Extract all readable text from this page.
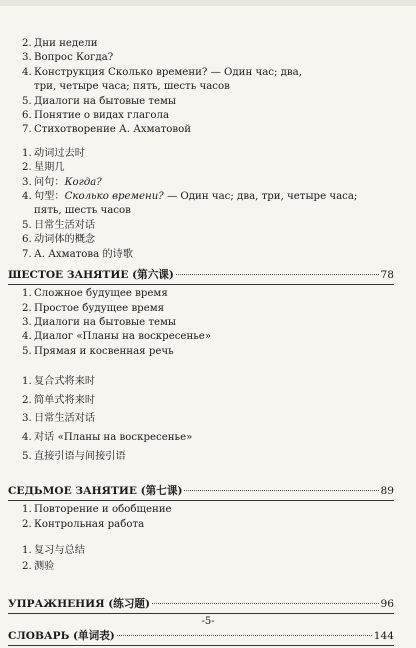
2. Дни недели
3. Вопрос Когда?
4. Конструкция Сколько времени? — Один час; два, три, четыре часа; пять, шесть часов
5. Диалоги на бытовые темы
6. Понятие о видах глагола
7. Стихотворение А. Ахматовой
1. 动词过去时
2. 星期几
3. 问句：Когда?
4. 句型：Сколько времени? — Один час; два, три, четыре часа; пять, шесть часов
5. 日常生活对话
6. 动词体的概念
7. А. Ахматова 的诗歌
ШЕСТОЕ ЗАНЯТИЕ (第六课)	78
1. Сложное будущее время
2. Простое будущее время
3. Диалоги на бытовые темы
4. Диалог «Планы на воскресенье»
5. Прямая и косвенная речь
1. 复合式将来时
2. 简单式将来时
3. 日常生活对话
4. 对话 «Планы на воскресенье»
5. 直接引语与间接引语
СЕДЬМОЕ ЗАНЯТИЕ (第七课)	89
1. Повторение и обобщение
2. Контрольная работа
1. 复习与总结
2. 测验
УПРАЖНЕНИЯ (练习题)	96
СЛОВАРЬ (单词表)	144
-5-
